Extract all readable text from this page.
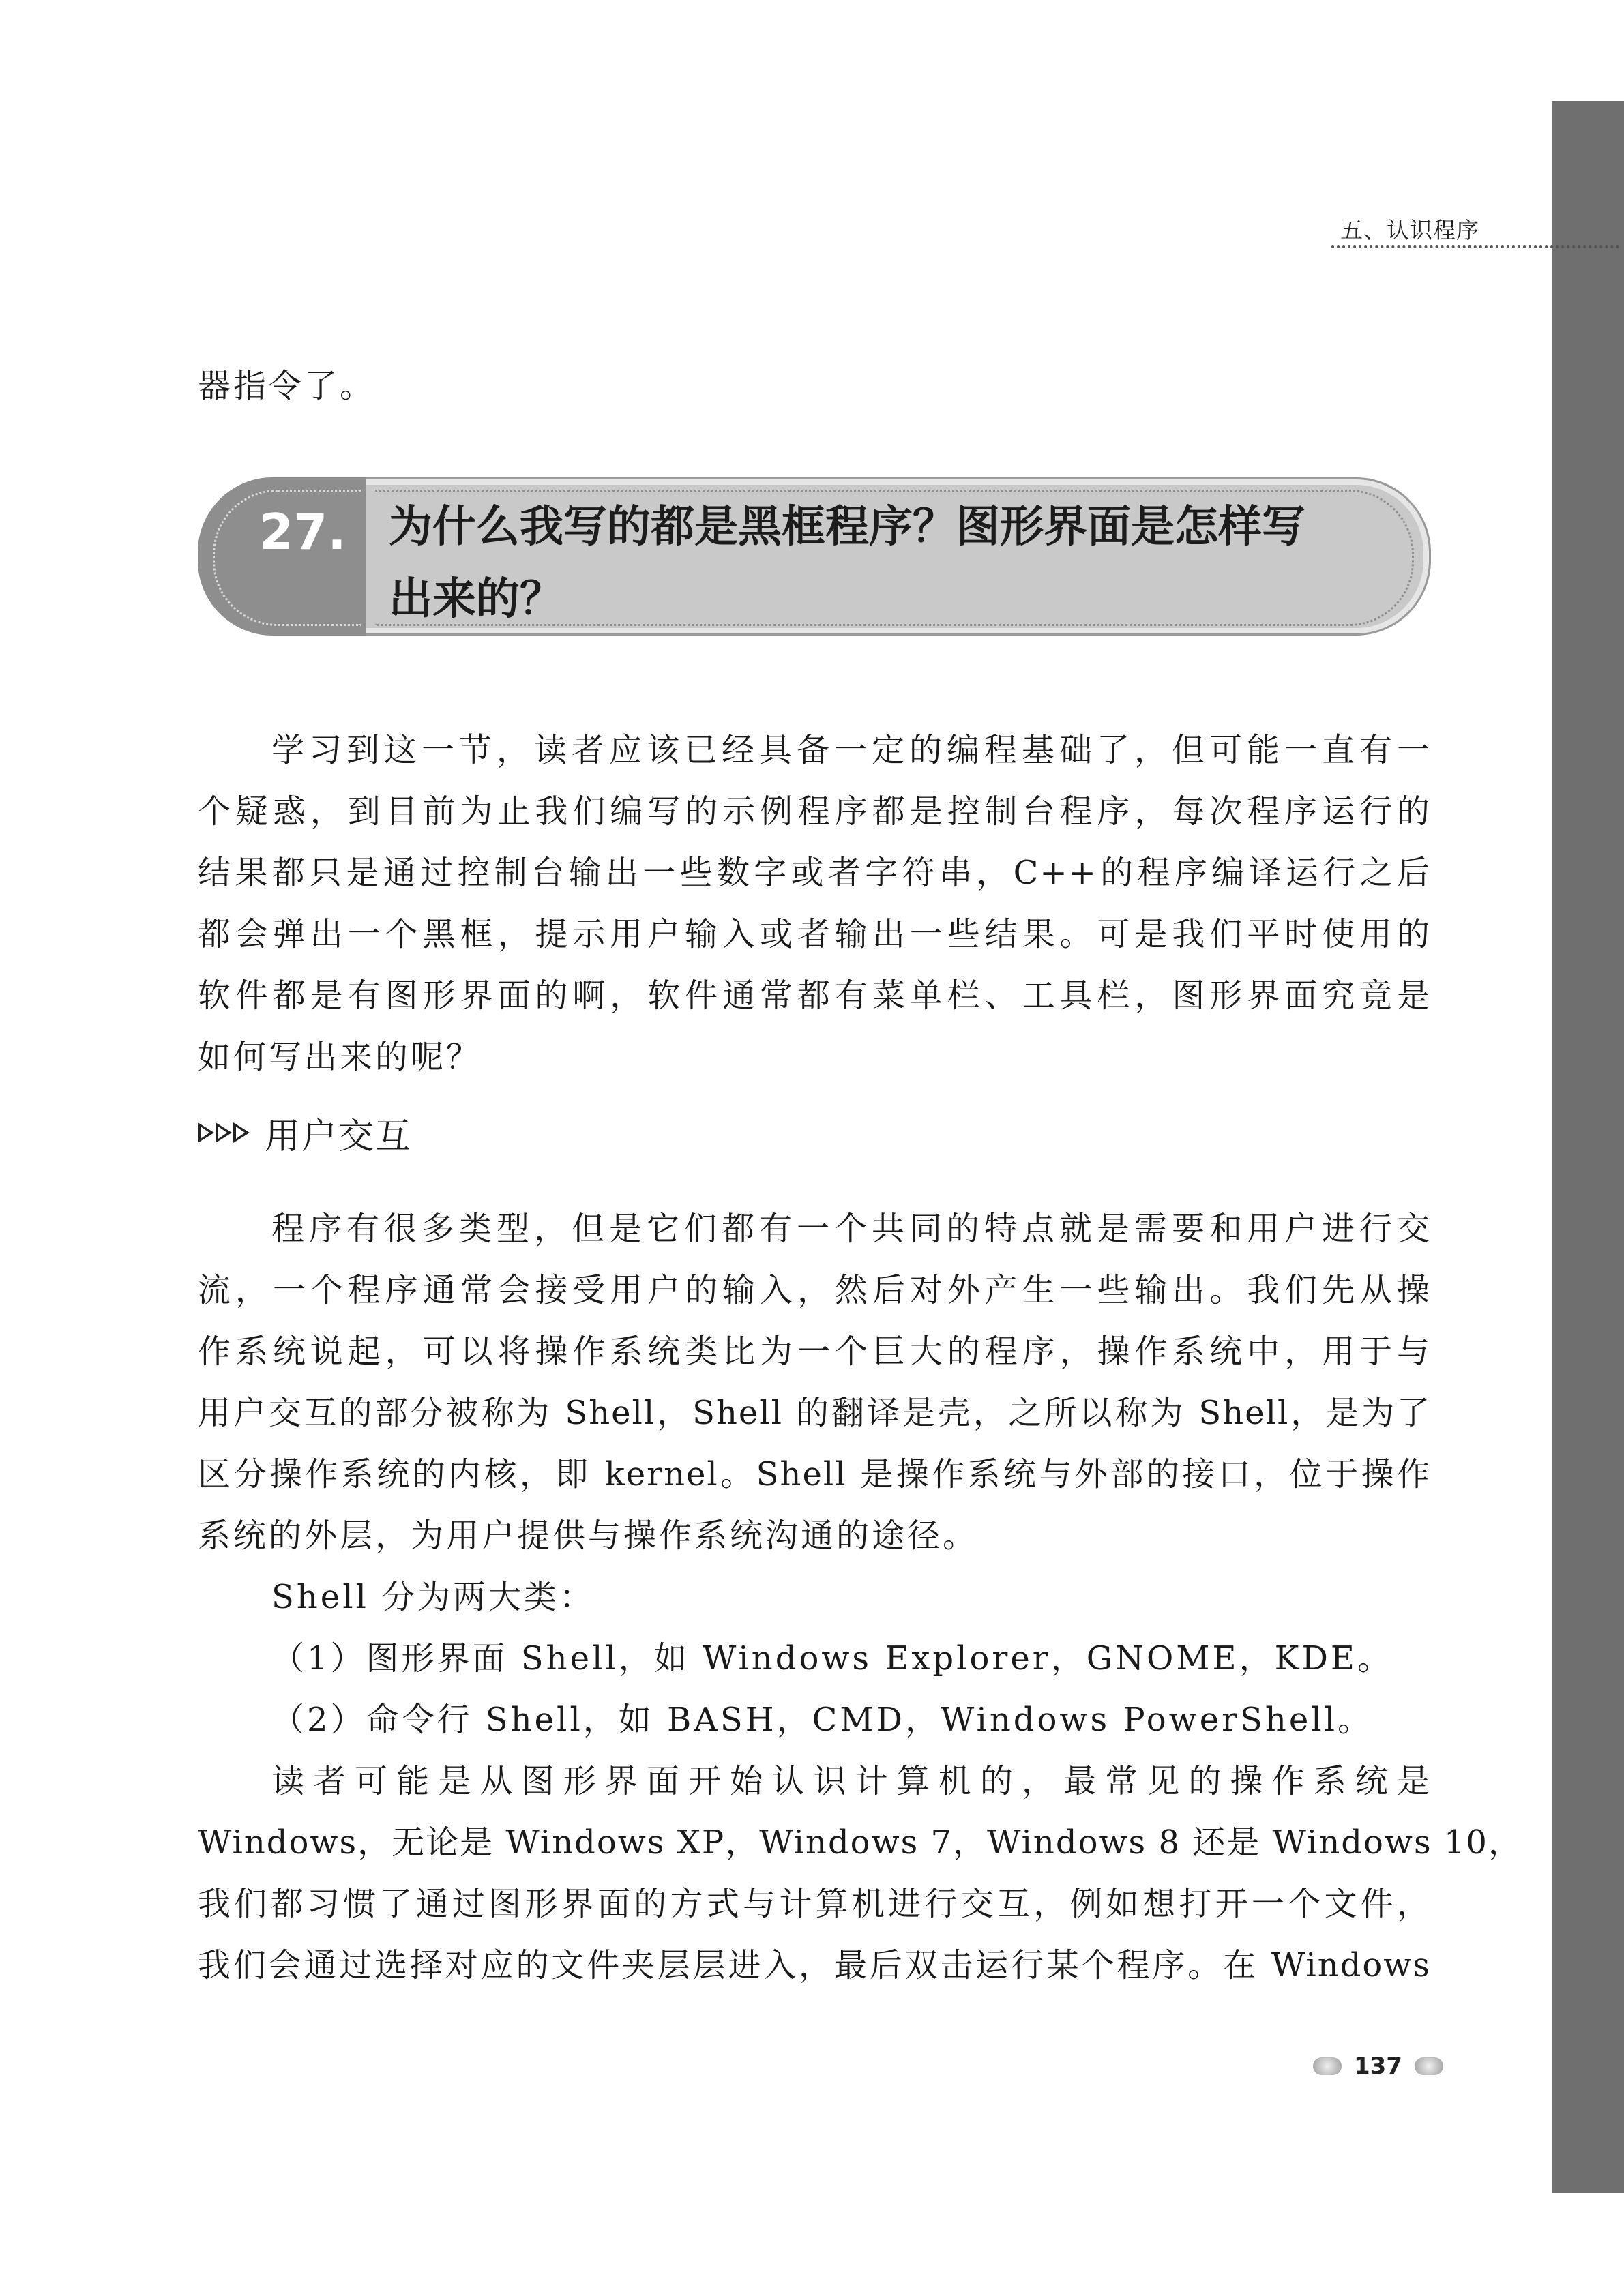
五、认识程序
器指令了。
27. 为什么我写的都是黑框程序？图形界面是怎样写
出来的？
学习到这一节，读者应该已经具备一定的编程基础了，但可能一直有一
个疑惑，到目前为止我们编写的示例程序都是控制台程序，每次程序运行的
结果都只是通过控制台输出一些数字或者字符串，C++的程序编译运行之后
都会弹出一个黑框，提示用户输入或者输出一些结果。可是我们平时使用的
软件都是有图形界面的啊，软件通常都有菜单栏、工具栏，图形界面究竟是
如何写出来的呢？
用户交互
程序有很多类型，但是它们都有一个共同的特点就是需要和用户进行交
流，一个程序通常会接受用户的输入，然后对外产生一些输出。我们先从操
作系统说起，可以将操作系统类比为一个巨大的程序，操作系统中，用于与
用户交互的部分被称为 Shell，Shell 的翻译是壳，之所以称为 Shell，是为了
区分操作系统的内核，即 kernel。Shell 是操作系统与外部的接口，位于操作
系统的外层，为用户提供与操作系统沟通的途径。
Shell 分为两大类：
（1）图形界面 Shell，如 Windows Explorer，GNOME，KDE。
（2）命令行 Shell，如 BASH，CMD，Windows PowerShell。
读者可能是从图形界面开始认识计算机的，最常见的操作系统是
Windows，无论是 Windows XP，Windows 7，Windows 8 还是 Windows 10，
我们都习惯了通过图形界面的方式与计算机进行交互，例如想打开一个文件，
我们会通过选择对应的文件夹层层进入，最后双击运行某个程序。在 Windows
137
